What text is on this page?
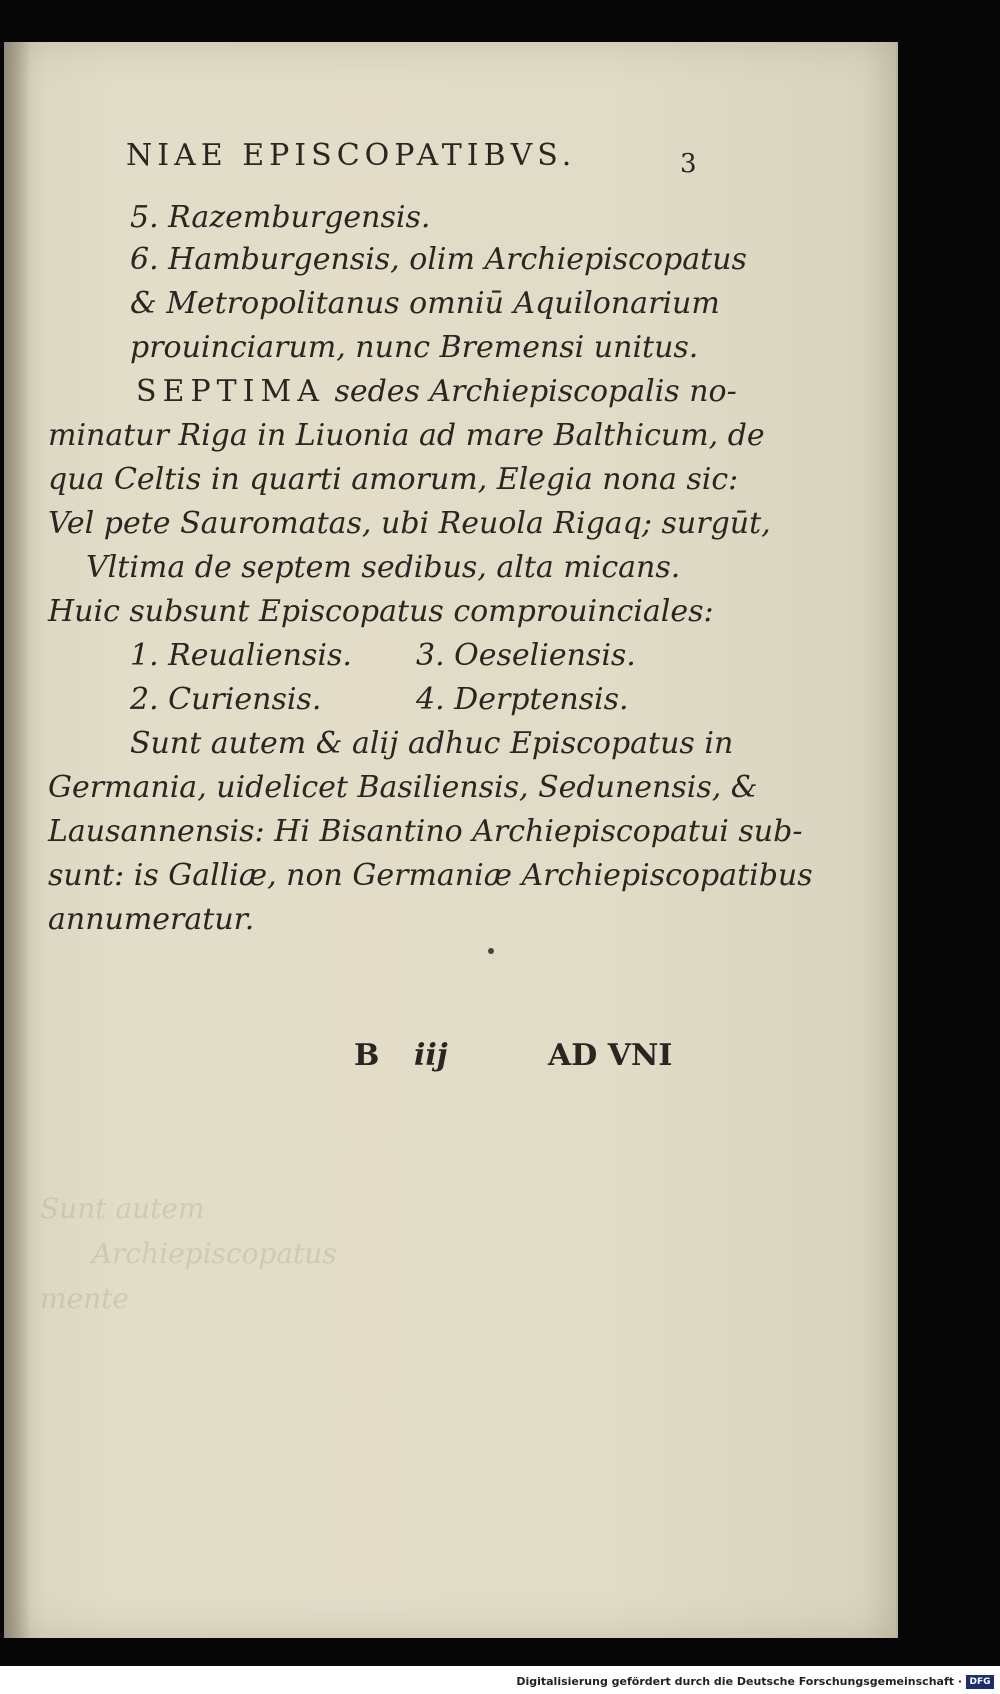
Sunt autem
Archiepiscopatus
mente
NIAE EPISCOPATIBVS.	3
5. Razemburgensis.
6. Hamburgensis, olim Archiepiscopatus
& Metropolitanus omniū Aquilonarium
prouinciarum, nunc Bremensi unitus.
SEPTIMA sedes Archiepiscopalis no-
minatur Riga in Liuonia ad mare Balthicum, de
qua Celtis in quarti amorum, Elegia nona sic:
Vel pete Sauromatas, ubi Reuola Rigaq; surgūt,
Vltima de septem sedibus, alta micans.
Huic subsunt Episcopatus comprouinciales:
1. Reualiensis. 3. Oeseliensis.
2. Curiensis.	4. Derptensis.
Sunt autem & alij adhuc Episcopatus in
Germania, uidelicet Basiliensis, Sedunensis, &
Lausannensis: Hi Bisantino Archiepiscopatui sub-
sunt: is Galliæ, non Germaniæ Archiepiscopatibus
annumeratur.
B iij	AD VNI
Digitalisierung gefördert durch die Deutsche Forschungsgemeinschaft · DFG
